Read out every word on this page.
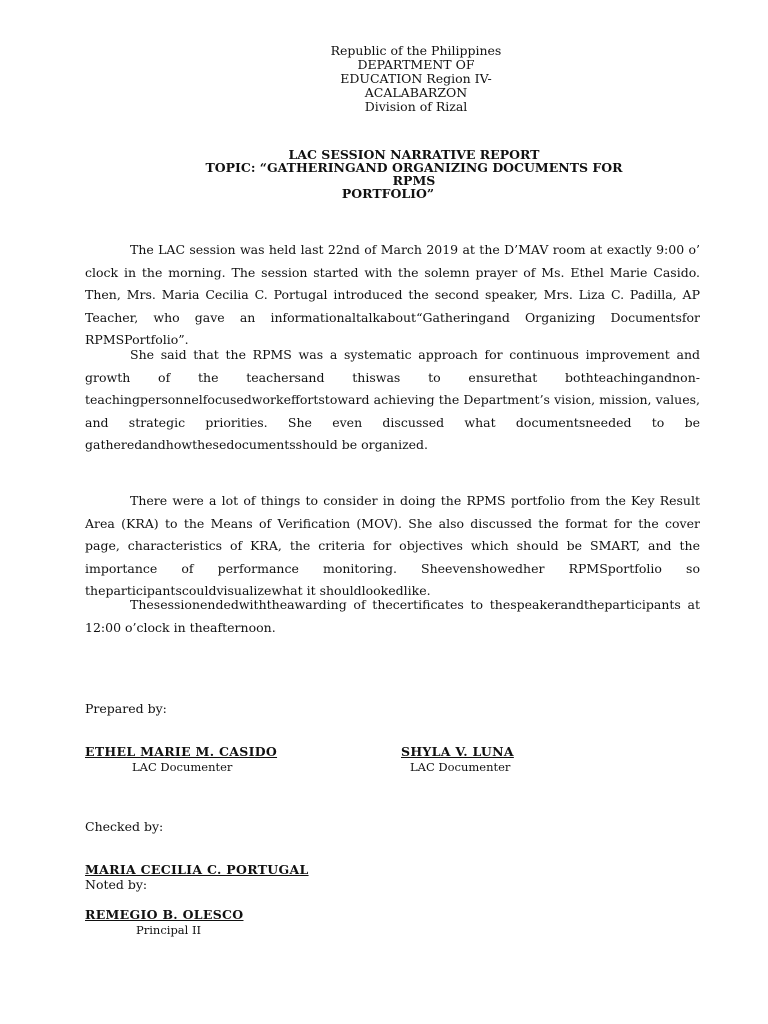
Republic of the Philippines
DEPARTMENT OF
EDUCATION Region IV-
ACALABARZON
Division of Rizal
LAC SESSION NARRATIVE REPORT
TOPIC: “GATHERINGAND ORGANIZING DOCUMENTS FOR
RPMS
PORTFOLIO”

The LAC session was held last 22nd of March 2019 at the D’MAV room at exactly 9:00 o’ clock in the morning. The session started with the solemn prayer of Ms. Ethel Marie Casido. Then, Mrs. Maria Cecilia C. Portugal introduced the second speaker, Mrs. Liza C. Padilla, AP Teacher, who gave an informationaltalkabout“Gatheringand Organizing Documentsfor RPMSPortfolio”.

She said that the RPMS was a systematic approach for continuous improvement and growth of the teachersand thiswas to ensurethat bothteachingandnon-teachingpersonnelfocusedworkeffortstoward achieving the Department’s vision, mission, values, and strategic priorities. She even discussed what documentsneeded to be gatheredandhowthesedocumentsshould be organized.

There were a lot of things to consider in doing the RPMS portfolio from the Key Result Area (KRA) to the Means of Verification (MOV). She also discussed the format for the cover page, characteristics of KRA, the criteria for objectives which should be SMART, and the importance of performance monitoring. Sheevenshowedher RPMSportfolio so theparticipantscouldvisualizewhat it shouldlookedlike.

Thesessionendedwiththeawarding of thecertificates to thespeakerandtheparticipants at 12:00 o’clock in theafternoon.

Prepared by:
ETHEL MARIE M. CASIDO
LAC Documenter
SHYLA V. LUNA
LAC Documenter
Checked by:
MARIA CECILIA C. PORTUGAL
Noted by:
REMEGIO B. OLESCO
Principal II
